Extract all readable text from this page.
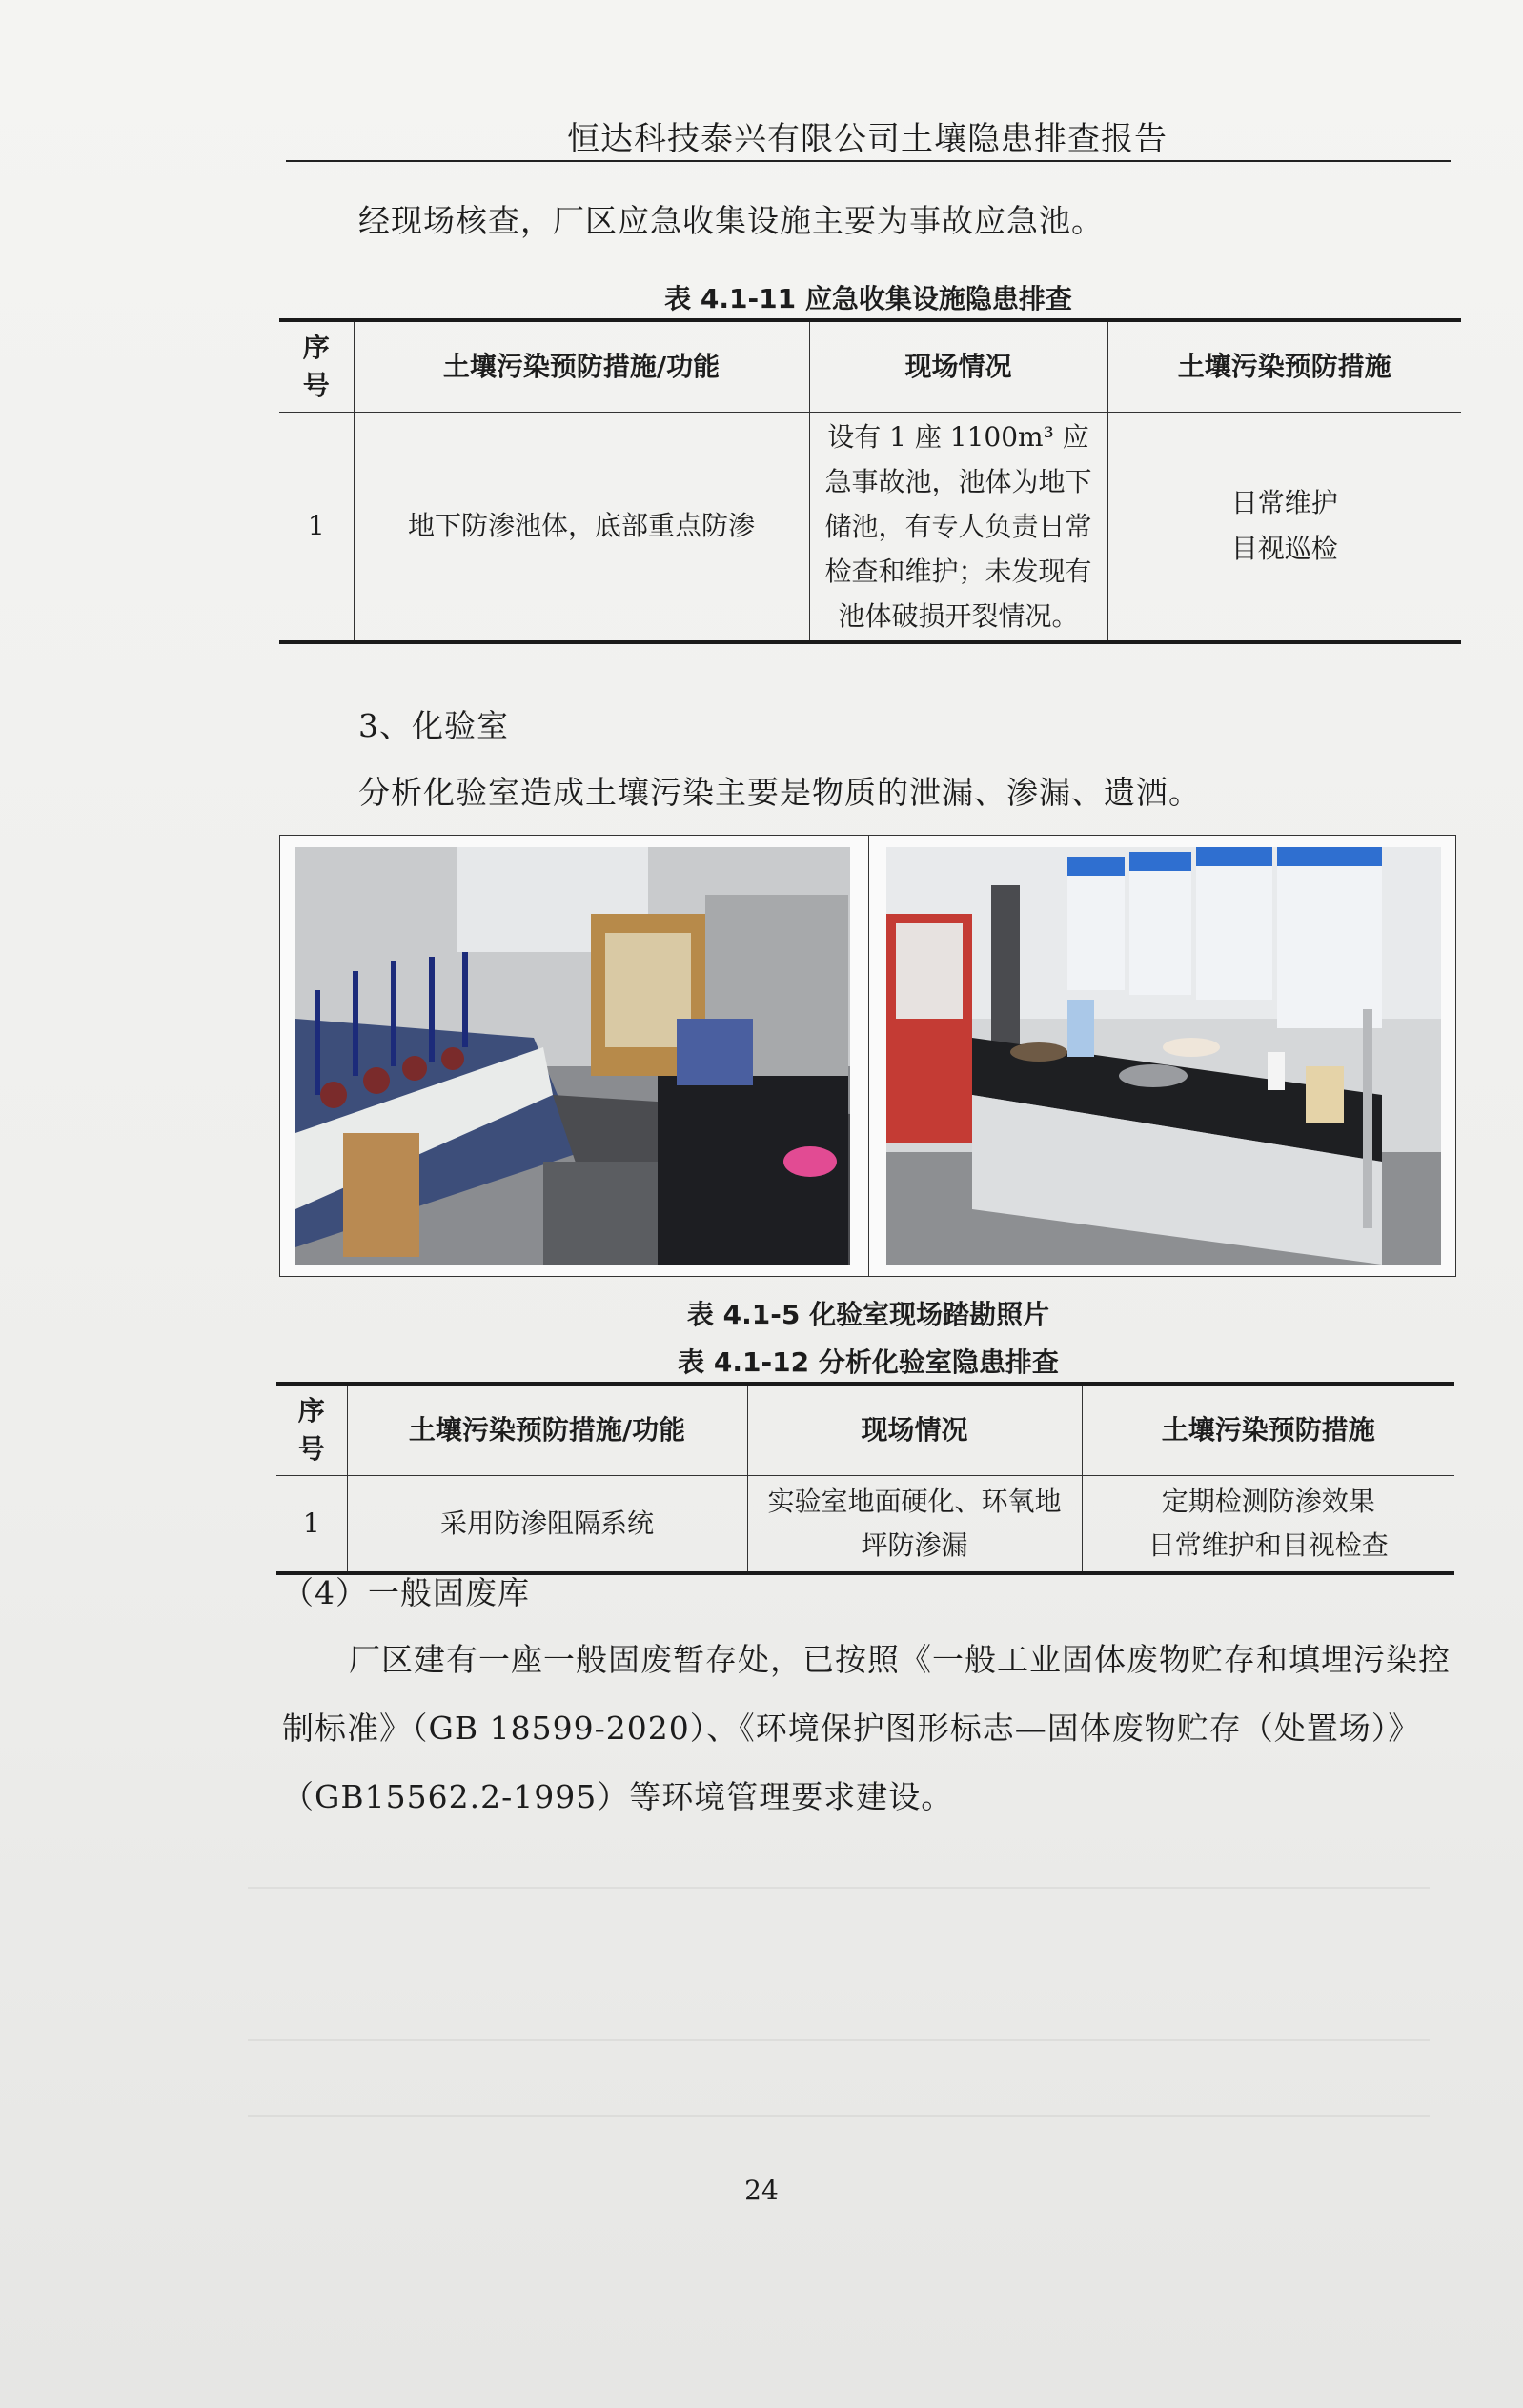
恒达科技泰兴有限公司土壤隐患排查报告
经现场核查，厂区应急收集设施主要为事故应急池。
表 4.1-11 应急收集设施隐患排查
序号	土壤污染预防措施/功能	现场情况	土壤污染预防措施
1	地下防渗池体，底部重点防渗	设有 1 座 1100m³ 应急事故池，池体为地下储池，有专人负责日常检查和维护；未发现有池体破损开裂情况。	日常维护
目视巡检
3、化验室
分析化验室造成土壤污染主要是物质的泄漏、渗漏、遗洒。
表 4.1-5 化验室现场踏勘照片
表 4.1-12 分析化验室隐患排查
序号	土壤污染预防措施/功能	现场情况	土壤污染预防措施
1	采用防渗阻隔系统	实验室地面硬化、环氧地坪防渗漏	定期检测防渗效果
日常维护和目视检查
（4）一般固废库
厂区建有一座一般固废暂存处，已按照《一般工业固体废物贮存和填埋污染控制标准》（GB 18599-2020）、《环境保护图形标志—固体废物贮存（处置场）》（GB15562.2-1995）等环境管理要求建设。
24
